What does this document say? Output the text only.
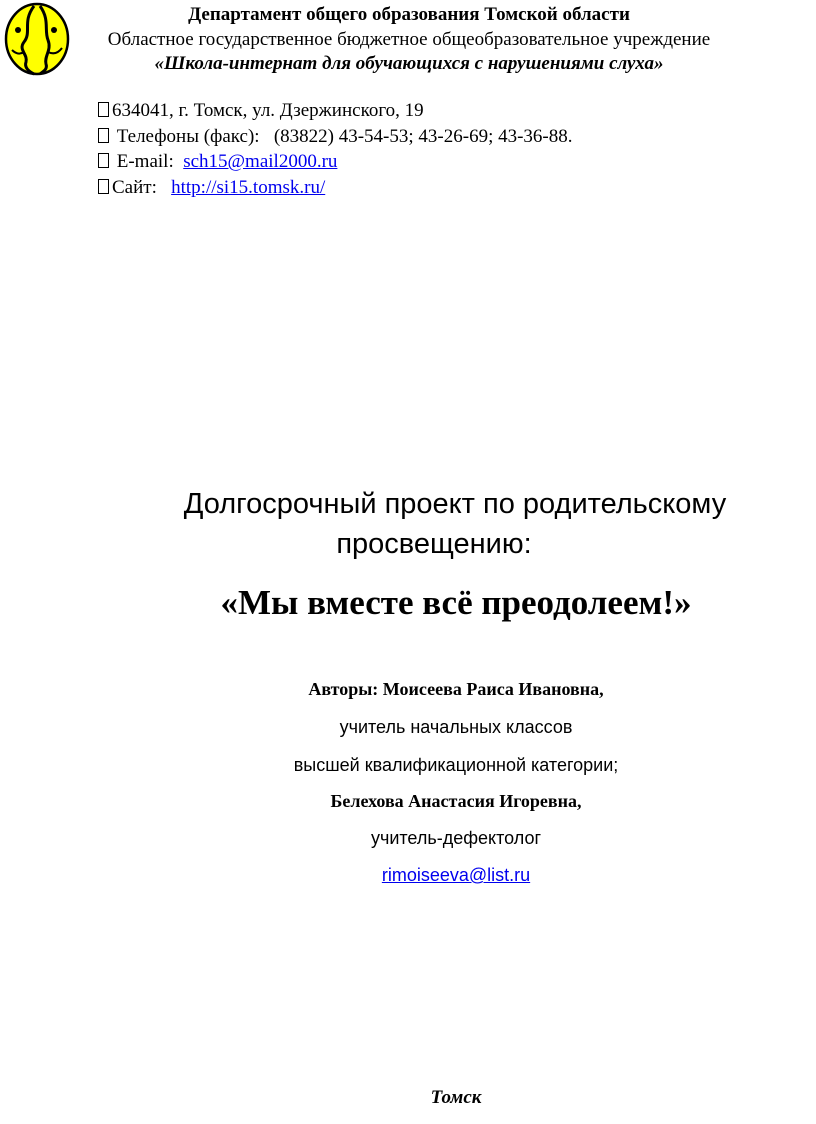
Департамент общего образования Томской области
Областное государственное бюджетное общеобразовательное учреждение
«Школа-интернат для обучающихся с нарушениями слуха»
634041, г. Томск, ул. Дзержинского, 19
Телефоны (факс): (83822) 43-54-53; 43-26-69; 43-36-88.
E-mail: sch15@mail2000.ru
Сайт: http://si15.tomsk.ru/
Долгосрочный проект по родительскому
просвещению:
«Мы вместе всё преодолеем!»
Авторы: Моисеева Раиса Ивановна,
учитель начальных классов
высшей квалификационной категории;
Белехова Анастасия Игоревна,
учитель-дефектолог
rimoiseeva@list.ru
Томск
